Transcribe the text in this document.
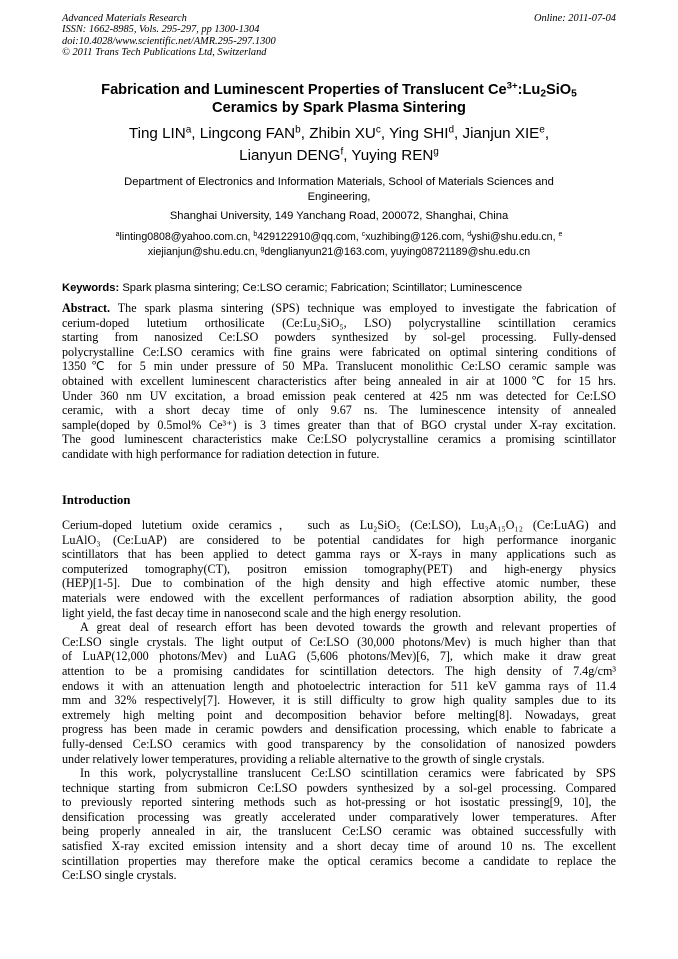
Advanced Materials Research
ISSN: 1662-8985, Vols. 295-297, pp 1300-1304
doi:10.4028/www.scientific.net/AMR.295-297.1300
© 2011 Trans Tech Publications Ltd, Switzerland
Online: 2011-07-04
Fabrication and Luminescent Properties of Translucent $Ce^{3+}:Lu_2SiO_5$
Ceramics by Spark Plasma Sintering
Ting LIN$^a$, Lingcong FAN$^b$, Zhibin $XU^c$, Ying SHI$^d$, Jianjun XIE$^e$,
Lianyun DENG$^f$, Yuying REN$^g$
Department of Electronics and Information Materials, School of Materials Sciences and
Engineering,
Shanghai University, 149 Yanchang Road, 200072, Shanghai, China
$^a$linting0808@yahoo.com.cn, $^b$429122910@qq.com, $^c$xuzhibing@126.com, $^d$yshi@shu.edu.cn, $^e$
xiejianjun@shu.edu.cn, $^g$denglianyun21@163.com, yuying08721189@shu.edu.cn
Keywords: Spark plasma sintering; Ce:LSO ceramic; Fabrication; Scintillator; Luminescence
Abstract. The spark plasma sintering (SPS) technique was employed to investigate the fabrication of
cerium-doped lutetium orthosilicate (Ce:Lu₂SiO₅, LSO) polycrystalline scintillation ceramics
starting from nanosized Ce:LSO powders synthesized by sol-gel processing. Fully-densed
polycrystalline Ce:LSO ceramics with fine grains were fabricated on optimal sintering conditions of
1350℃ for 5 min under pressure of 50 MPa. Translucent monolithic Ce:LSO ceramic sample was
obtained with excellent luminescent characteristics after being annealed in air at 1000℃ for 15 hrs.
Under 360 nm UV excitation, a broad emission peak centered at 425 nm was detected for Ce:LSO
ceramic, with a short decay time of only 9.67 ns. The luminescence intensity of annealed
sample(doped by 0.5mol% Ce³⁺) is 3 times greater than that of BGO crystal under X-ray excitation.
The good luminescent characteristics make Ce:LSO polycrystalline ceramics a promising scintillator
candidate with high performance for radiation detection in future.
Introduction
Cerium-doped lutetium oxide ceramics， such as Lu₂SiO₅ (Ce:LSO), Lu₃A₁₅O₁₂ (Ce:LuAG) and
LuAlO₃ (Ce:LuAP) are considered to be potential candidates for high performance inorganic
scintillators that has been applied to detect gamma rays or X-rays in many applications such as
computerized tomography(CT), positron emission tomography(PET) and high-energy physics
(HEP)[1-5]. Due to combination of the high density and high effective atomic number, these
materials were endowed with the excellent performances of radiation absorption ability, the good
light yield, the fast decay time in nanosecond scale and the high energy resolution.
A great deal of research effort has been devoted towards the growth and relevant properties of
Ce:LSO single crystals. The light output of Ce:LSO (30,000 photons/Mev) is much higher than that
of LuAP(12,000 photons/Mev) and LuAG (5,606 photons/Mev)[6, 7], which make it draw great
attention to be a promising candidates for scintillation detectors. The high density of 7.4g/cm³
endows it with an attenuation length and photoelectric interaction for 511 keV gamma rays of 11.4
mm and 32% respectively[7]. However, it is still difficulty to grow high quality samples due to its
extremely high melting point and decomposition behavior before melting[8]. Nowadays, great
progress has been made in ceramic powders and densification processing, which enable to fabricate a
fully-densed Ce:LSO ceramics with good transparency by the consolidation of nanosized powders
under relatively lower temperatures, providing a reliable alternative to the growth of single crystals.
In this work, polycrystalline translucent Ce:LSO scintillation ceramics were fabricated by SPS
technique starting from submicron Ce:LSO powders synthesized by a sol-gel processing. Compared
to previously reported sintering methods such as hot-pressing or hot isostatic pressing[9, 10], the
densification processing was greatly accelerated under comparatively lower temperatures. After
being properly annealed in air, the translucent Ce:LSO ceramic was obtained successfully with
satisfied X-ray excited emission intensity and a short decay time of around 10 ns. The excellent
scintillation properties may therefore make the optical ceramics become a candidate to replace the
Ce:LSO single crystals.
